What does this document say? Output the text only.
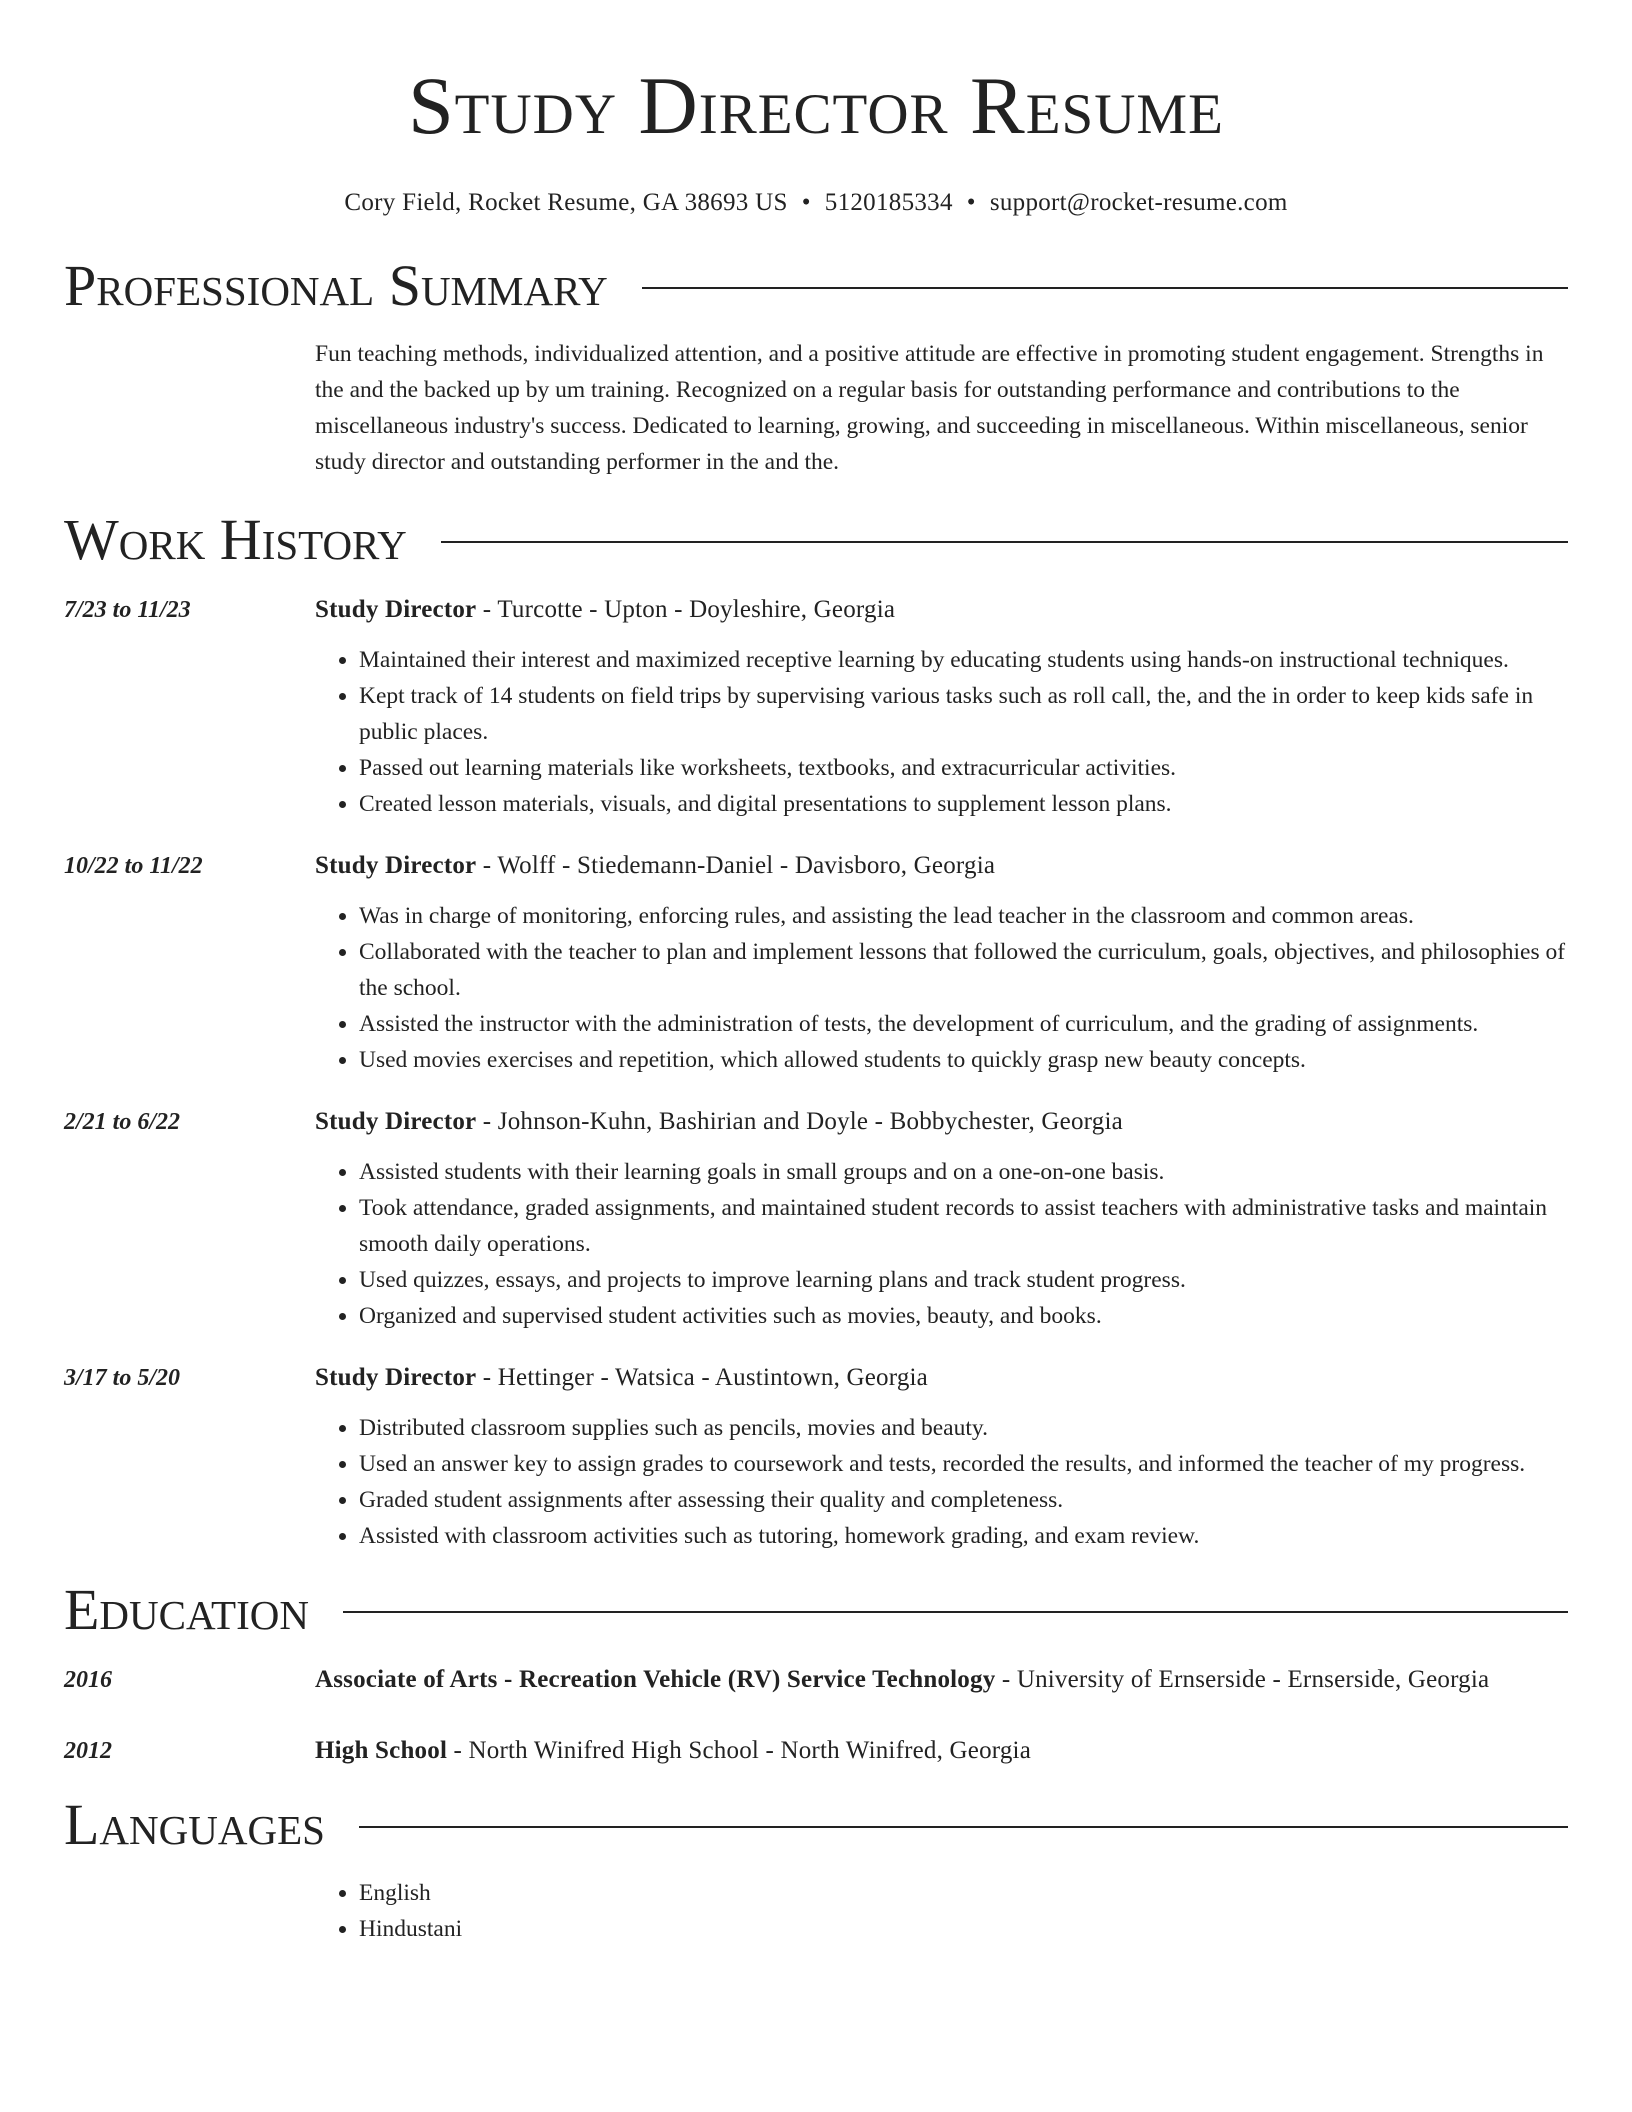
Study Director Resume
Cory Field, Rocket Resume, GA 38693 US • 5120185334 • support@rocket-resume.com
Professional Summary
Fun teaching methods, individualized attention, and a positive attitude are effective in promoting student engagement. Strengths in the and the backed up by um training. Recognized on a regular basis for outstanding performance and contributions to the miscellaneous industry's success. Dedicated to learning, growing, and succeeding in miscellaneous. Within miscellaneous, senior study director and outstanding performer in the and the.
Work History
7/23 to 11/23	Study Director - Turcotte - Upton - Doyleshire, Georgia
• Maintained their interest and maximized receptive learning by educating students using hands-on instructional techniques.
• Kept track of 14 students on field trips by supervising various tasks such as roll call, the, and the in order to keep kids safe in public places.
• Passed out learning materials like worksheets, textbooks, and extracurricular activities.
• Created lesson materials, visuals, and digital presentations to supplement lesson plans.
10/22 to 11/22	Study Director - Wolff - Stiedemann-Daniel - Davisboro, Georgia
• Was in charge of monitoring, enforcing rules, and assisting the lead teacher in the classroom and common areas.
• Collaborated with the teacher to plan and implement lessons that followed the curriculum, goals, objectives, and philosophies of the school.
• Assisted the instructor with the administration of tests, the development of curriculum, and the grading of assignments.
• Used movies exercises and repetition, which allowed students to quickly grasp new beauty concepts.
2/21 to 6/22	Study Director - Johnson-Kuhn, Bashirian and Doyle - Bobbychester, Georgia
• Assisted students with their learning goals in small groups and on a one-on-one basis.
• Took attendance, graded assignments, and maintained student records to assist teachers with administrative tasks and maintain smooth daily operations.
• Used quizzes, essays, and projects to improve learning plans and track student progress.
• Organized and supervised student activities such as movies, beauty, and books.
3/17 to 5/20	Study Director - Hettinger - Watsica - Austintown, Georgia
• Distributed classroom supplies such as pencils, movies and beauty.
• Used an answer key to assign grades to coursework and tests, recorded the results, and informed the teacher of my progress.
• Graded student assignments after assessing their quality and completeness.
• Assisted with classroom activities such as tutoring, homework grading, and exam review.
Education
2016	Associate of Arts - Recreation Vehicle (RV) Service Technology - University of Ernserside - Ernserside, Georgia
2012	High School - North Winifred High School - North Winifred, Georgia
Languages
• English
• Hindustani
